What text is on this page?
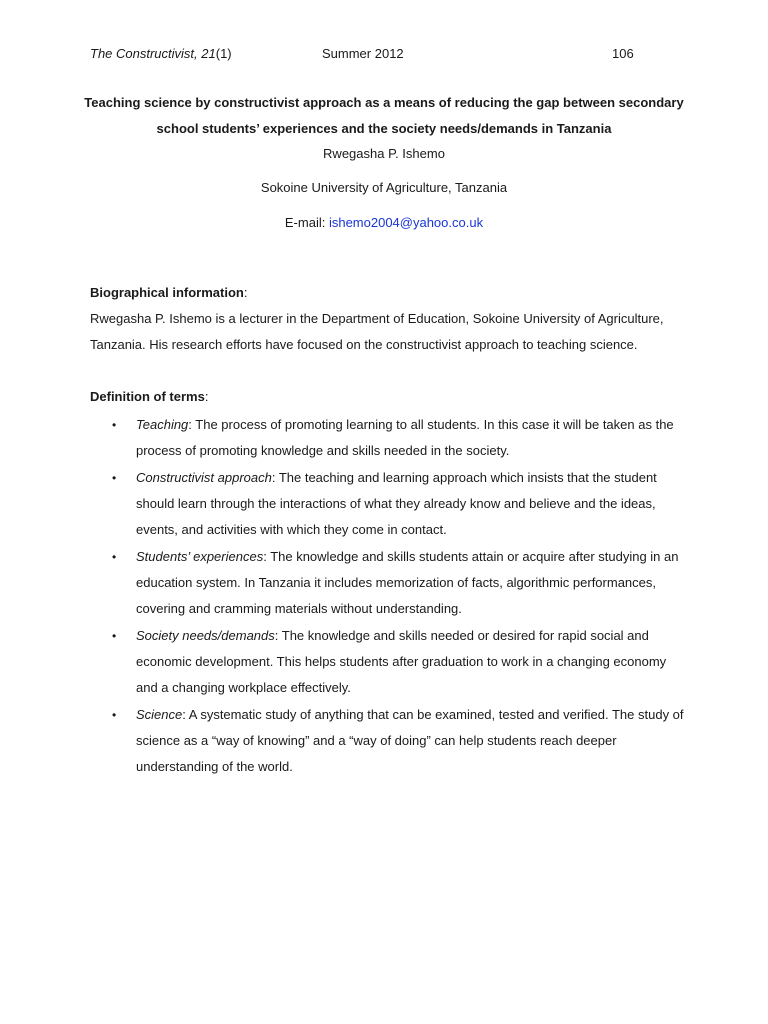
The Constructivist, 21(1)	Summer 2012	106
Teaching science by constructivist approach as a means of reducing the gap between secondary school students’ experiences and the society needs/demands in Tanzania
Rwegasha P. Ishemo
Sokoine University of Agriculture, Tanzania
E-mail: ishemo2004@yahoo.co.uk
Biographical information:
Rwegasha P. Ishemo is a lecturer in the Department of Education, Sokoine University of Agriculture, Tanzania. His research efforts have focused on the constructivist approach to teaching science.
Definition of terms:
• Teaching: The process of promoting learning to all students. In this case it will be taken as the process of promoting knowledge and skills needed in the society.
• Constructivist approach: The teaching and learning approach which insists that the student should learn through the interactions of what they already know and believe and the ideas, events, and activities with which they come in contact.
• Students’ experiences: The knowledge and skills students attain or acquire after studying in an education system. In Tanzania it includes memorization of facts, algorithmic performances, covering and cramming materials without understanding.
• Society needs/demands: The knowledge and skills needed or desired for rapid social and economic development. This helps students after graduation to work in a changing economy and a changing workplace effectively.
• Science: A systematic study of anything that can be examined, tested and verified. The study of science as a “way of knowing” and a “way of doing” can help students reach deeper understanding of the world.
